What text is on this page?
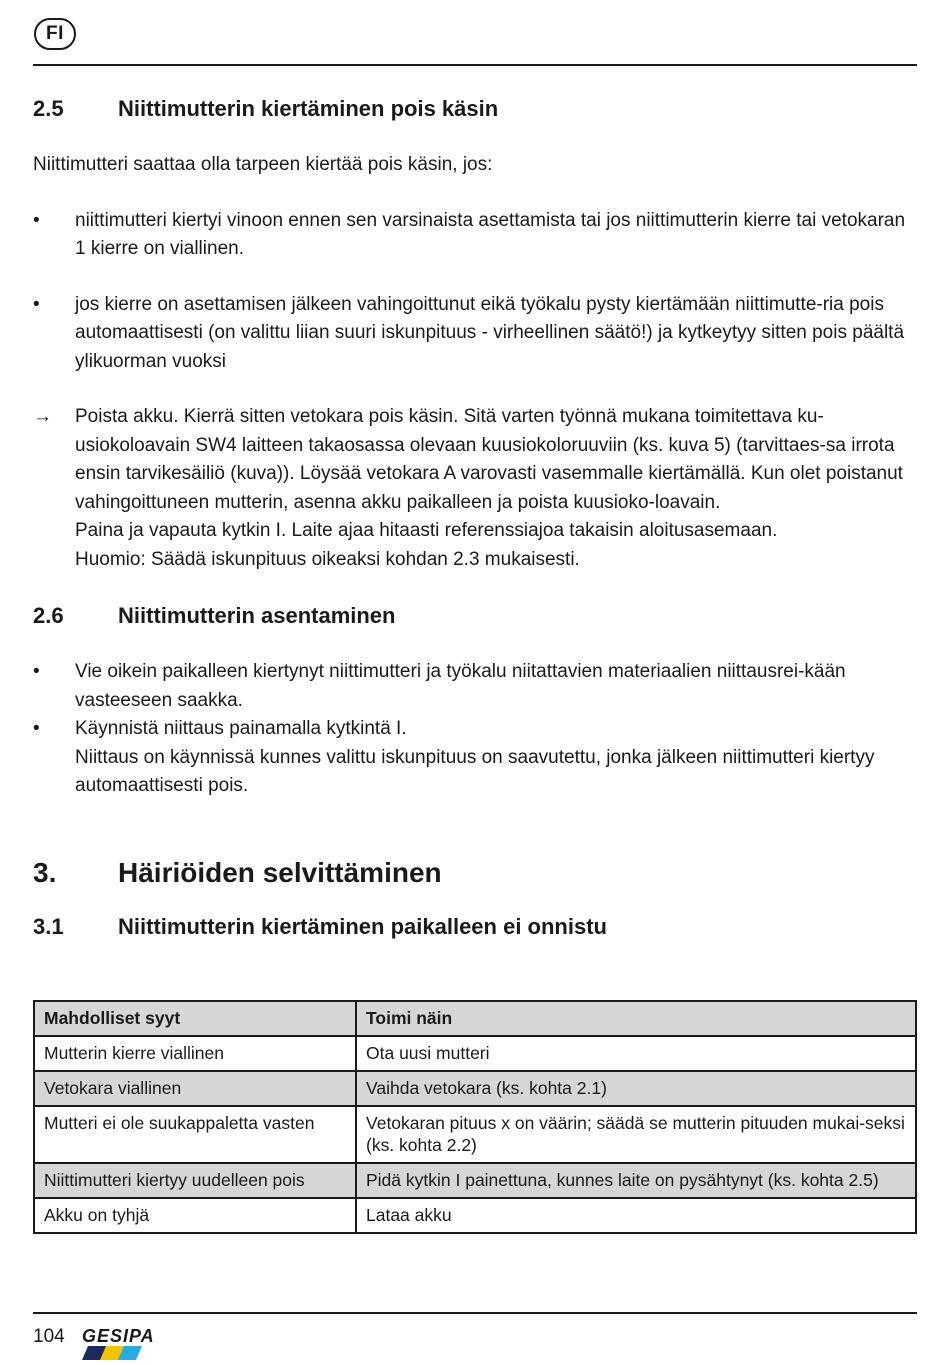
FI
2.5	Niittimutterin kiertäminen pois käsin

Niittimutteri saattaa olla tarpeen kiertää pois käsin, jos:

•	niittimutteri kiertyi vinoon ennen sen varsinaista asettamista tai jos niittimutterin kierre tai vetokaran 1 kierre on viallinen.
•	jos kierre on asettamisen jälkeen vahingoittunut eikä työkalu pysty kiertämään niittimutte-ria pois automaattisesti (on valittu liian suuri iskunpituus - virheellinen säätö!) ja kytkeytyy sitten pois päältä ylikuorman vuoksi
→	Poista akku. Kierrä sitten vetokara pois käsin. Sitä varten työnnä mukana toimitettava ku-usiokoloavain SW4 laitteen takaosassa olevaan kuusiokoloruuviin (ks. kuva 5) (tarvittaes-sa irrota ensin tarvikesäiliö (kuva)). Löysää vetokara A varovasti vasemmalle kiertämällä. Kun olet poistanut vahingoittuneen mutterin, asenna akku paikalleen ja poista kuusioko-loavain.
Paina ja vapauta kytkin I. Laite ajaa hitaasti referenssiajoa takaisin aloitusasemaan.
Huomio: Säädä iskunpituus oikeaksi kohdan 2.3 mukaisesti.
2.6	Niittimutterin asentaminen
•	Vie oikein paikalleen kiertynyt niittimutteri ja työkalu niitattavien materiaalien niittausrei-kään vasteeseen saakka.
•	Käynnistä niittaus painamalla kytkintä I.
Niittaus on käynnissä kunnes valittu iskunpituus on saavutettu, jonka jälkeen niittimutteri kiertyy automaattisesti pois.
3.	Häiriöiden selvittäminen
3.1	Niittimutterin kiertäminen paikalleen ei onnistu
Mahdolliset syyt	Toimi näin
Mutterin kierre viallinen	Ota uusi mutteri
Vetokara viallinen	Vaihda vetokara (ks. kohta 2.1)
Mutteri ei ole suukappaletta vasten	Vetokaran pituus x on väärin; säädä se mutterin pituuden mukai-seksi (ks. kohta 2.2)
Niittimutteri kiertyy uudelleen pois	Pidä kytkin I painettuna, kunnes laite on pysähtynyt (ks. kohta 2.5)
Akku on tyhjä	Lataa akku
104 GESIPA
